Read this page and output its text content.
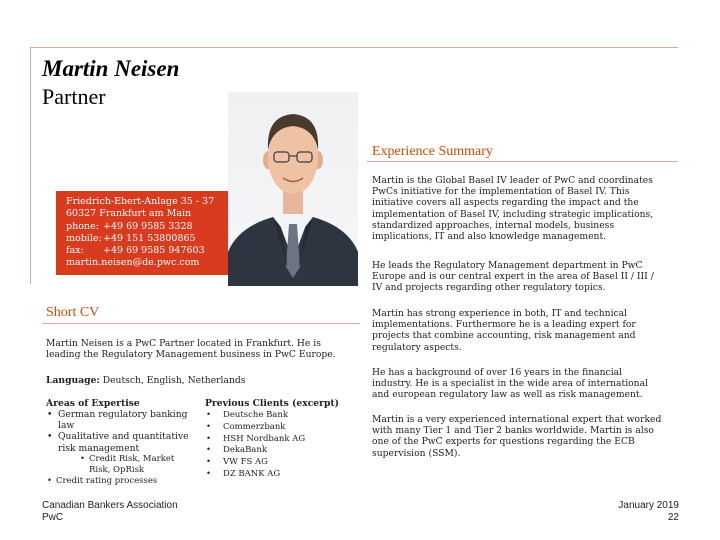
Martin Neisen
Partner
Friedrich-Ebert-Anlage 35 - 37
60327 Frankfurt am Main
phone: +49 69 9585 3328
mobile:+49 151 53800865
fax: +49 69 9585 947603
martin.neisen@de.pwc.com
Short CV
Martin Neisen is a PwC Partner located in Frankfurt. He is leading the Regulatory Management business in PwC Europe.
Language: Deutsch, English, Netherlands
Areas of Expertise
• German regulatory banking law
• Qualitative and quantitative risk management
• Credit Risk, Market Risk, OpRisk
• Credit rating processes
Previous Clients (excerpt)
• Deutsche Bank
• Commerzbank
• HSH Nordbank AG
• DekaBank
• VW FS AG
• DZ BANK AG
Experience Summary
Martin is the Global Basel IV leader of PwC and coordinates PwCs initiative for the implementation of Basel IV. This initiative covers all aspects regarding the impact and the implementation of Basel IV, including strategic implications, standardized approaches, internal models, business implications, IT and also knowledge management.
He leads the Regulatory Management department in PwC Europe and is our central expert in the area of Basel II / III / IV and projects regarding other regulatory topics.
Martin has strong experience in both, IT and technical implementations. Furthermore he is a leading expert for projects that combine accounting, risk management and regulatory aspects.
He has a background of over 16 years in the financial industry. He is a specialist in the wide area of international and european regulatory law as well as risk management.
Martin is a very experienced international expert that worked with many Tier 1 and Tier 2 banks worldwide. Martin is also one of the PwC experts for questions regarding the ECB supervision (SSM).
Canadian Bankers Association
PwC
January 2019
22
